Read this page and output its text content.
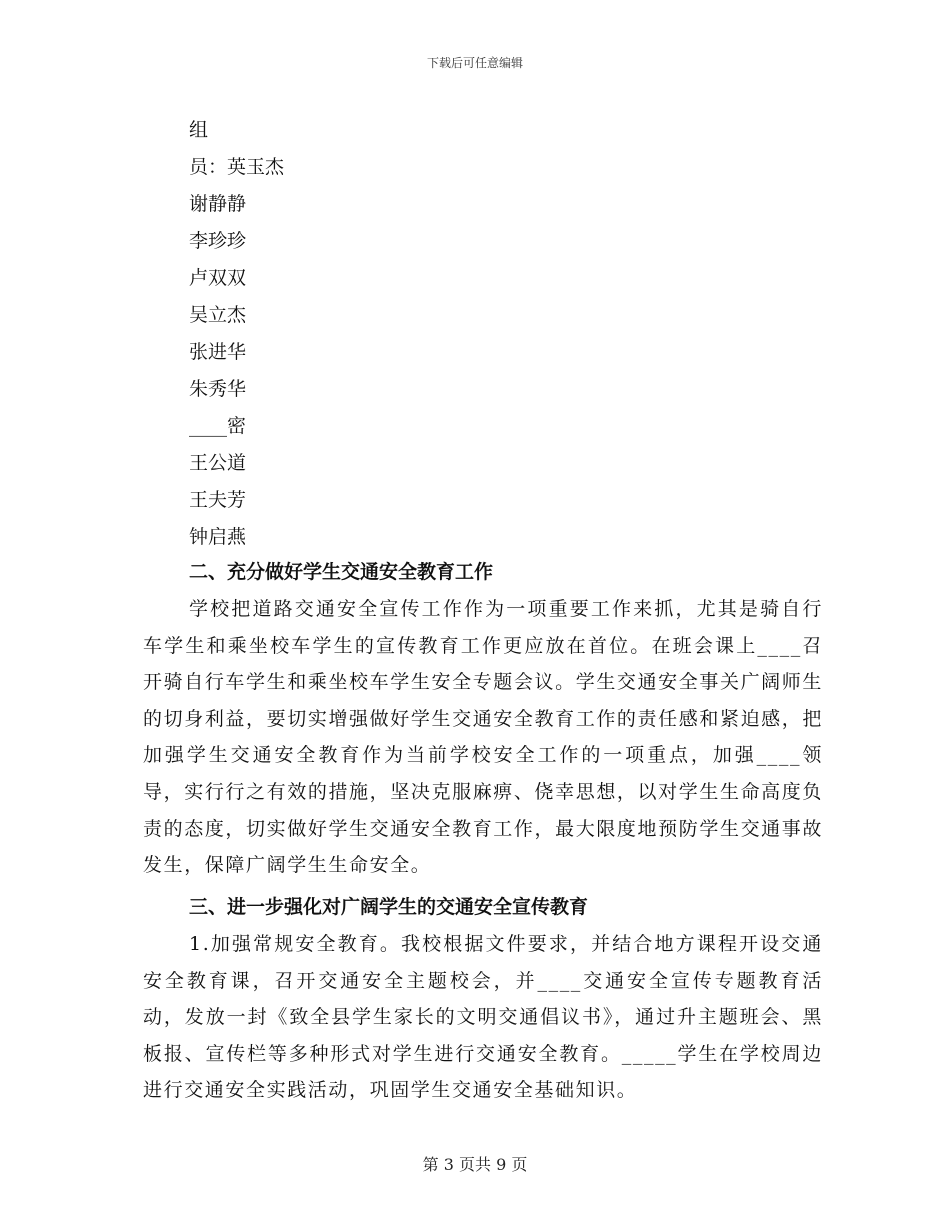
下载后可任意编辑
组
员：英玉杰
谢静静
李珍珍
卢双双
吴立杰
张进华
朱秀华
____密
王公道
王夫芳
钟启燕
二、充分做好学生交通安全教育工作

学校把道路交通安全宣传工作作为一项重要工作来抓，尤其是骑自行车学生和乘坐校车学生的宣传教育工作更应放在首位。在班会课上____召开骑自行车学生和乘坐校车学生安全专题会议。学生交通安全事关广阔师生的切身利益，要切实增强做好学生交通安全教育工作的责任感和紧迫感，把加强学生交通安全教育作为当前学校安全工作的一项重点，加强____领导，实行行之有效的措施，坚决克服麻痹、侥幸思想，以对学生生命高度负责的态度，切实做好学生交通安全教育工作，最大限度地预防学生交通事故发生，保障广阔学生生命安全。

三、进一步强化对广阔学生的交通安全宣传教育

1.加强常规安全教育。我校根据文件要求，并结合地方课程开设交通安全教育课，召开交通安全主题校会，并____交通安全宣传专题教育活动，发放一封《致全县学生家长的文明交通倡议书》，通过升主题班会、黑板报、宣传栏等多种形式对学生进行交通安全教育。_____学生在学校周边进行交通安全实践活动，巩固学生交通安全基础知识。

第 3 页共 9 页
